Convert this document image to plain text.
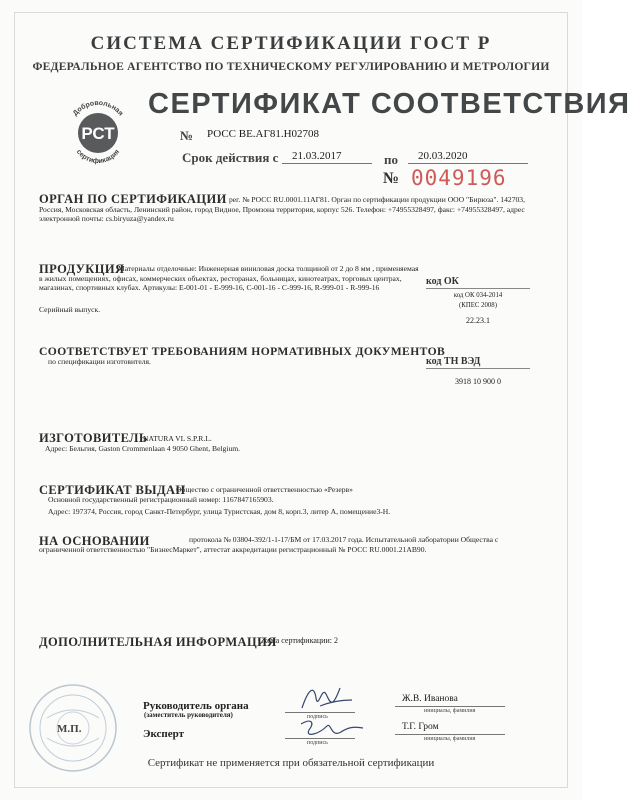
СИСТЕМА СЕРТИФИКАЦИИ ГОСТ Р
ФЕДЕРАЛЬНОЕ АГЕНТСТВО ПО ТЕХНИЧЕСКОМУ РЕГУЛИРОВАНИЮ И МЕТРОЛОГИИ
Добровольная
сертификация
РСТ
СЕРТИФИКАТ СООТВЕТСТВИЯ
№ РОСС BE.АГ81.Н02708
Срок действия с 21.03.2017	по 20.03.2020
№ 0049196
ОРГАН ПО СЕРТИФИКАЦИИ рег. № РОСС RU.0001.11АГ81. Орган по сертификации продукции ООО "Бирюза". 142703, Россия, Московская область, Ленинский район, город Видное, Промзона территория, корпус 526. Телефон: +74955328497, факс: +74955328497, адрес электронной почты: cs.biryuza@yandex.ru
ПРОДУКЦИЯ
Материалы отделочные: Инженерная виниловая доска толщиной от 2 до 8 мм , применяемая в жилых помещениях, офисах, коммерческих объектах, ресторанах, больницах, кинотеатрах, торговых центрах, магазинах, спортивных клубах. Артикулы: E-001-01 - E-999-16, C-001-16 - C-999-16, R-999-01 - R-999-16
Серийный выпуск.
код ОК
код ОК 034-2014
(КПЕС 2008)
22.23.1
СООТВЕТСТВУЕТ ТРЕБОВАНИЯМ НОРМАТИВНЫХ ДОКУМЕНТОВ
по спецификации изготовителя.	код ТН ВЭД
3918 10 900 0
ИЗГОТОВИТЕЛЬ
NATURA VL S.P.R.L.
Адрес: Бельгия, Gaston Crommenlaan 4 9050 Ghent, Belgium.
СЕРТИФИКАТ ВЫДАН
Общество с ограниченной ответственностью «Резерв»
Основной государственный регистрационный номер: 1167847165903.
Адрес: 197374, Россия, город Санкт-Петербург, улица Туристская, дом 8, корп.3, литер А, помещение3-Н.
НА ОСНОВАНИИ	протокола № 03804-392/1-1-17/БМ от 17.03.2017 года. Испытательной лаборатории Общества с ограниченной ответственностью "БизнесМаркет", аттестат аккредитации регистрационный № РОСС RU.0001.21АВ90.
ДОПОЛНИТЕЛЬНАЯ ИНФОРМАЦИЯ
Схема сертификации: 2
М.П.
Руководитель органа
(заместитель руководителя)	подпись
Ж.В. Иванова
инициалы, фамилия
Эксперт
подпись
Т.Г. Гром
инициалы, фамилия
Сертификат не применяется при обязательной сертификации
